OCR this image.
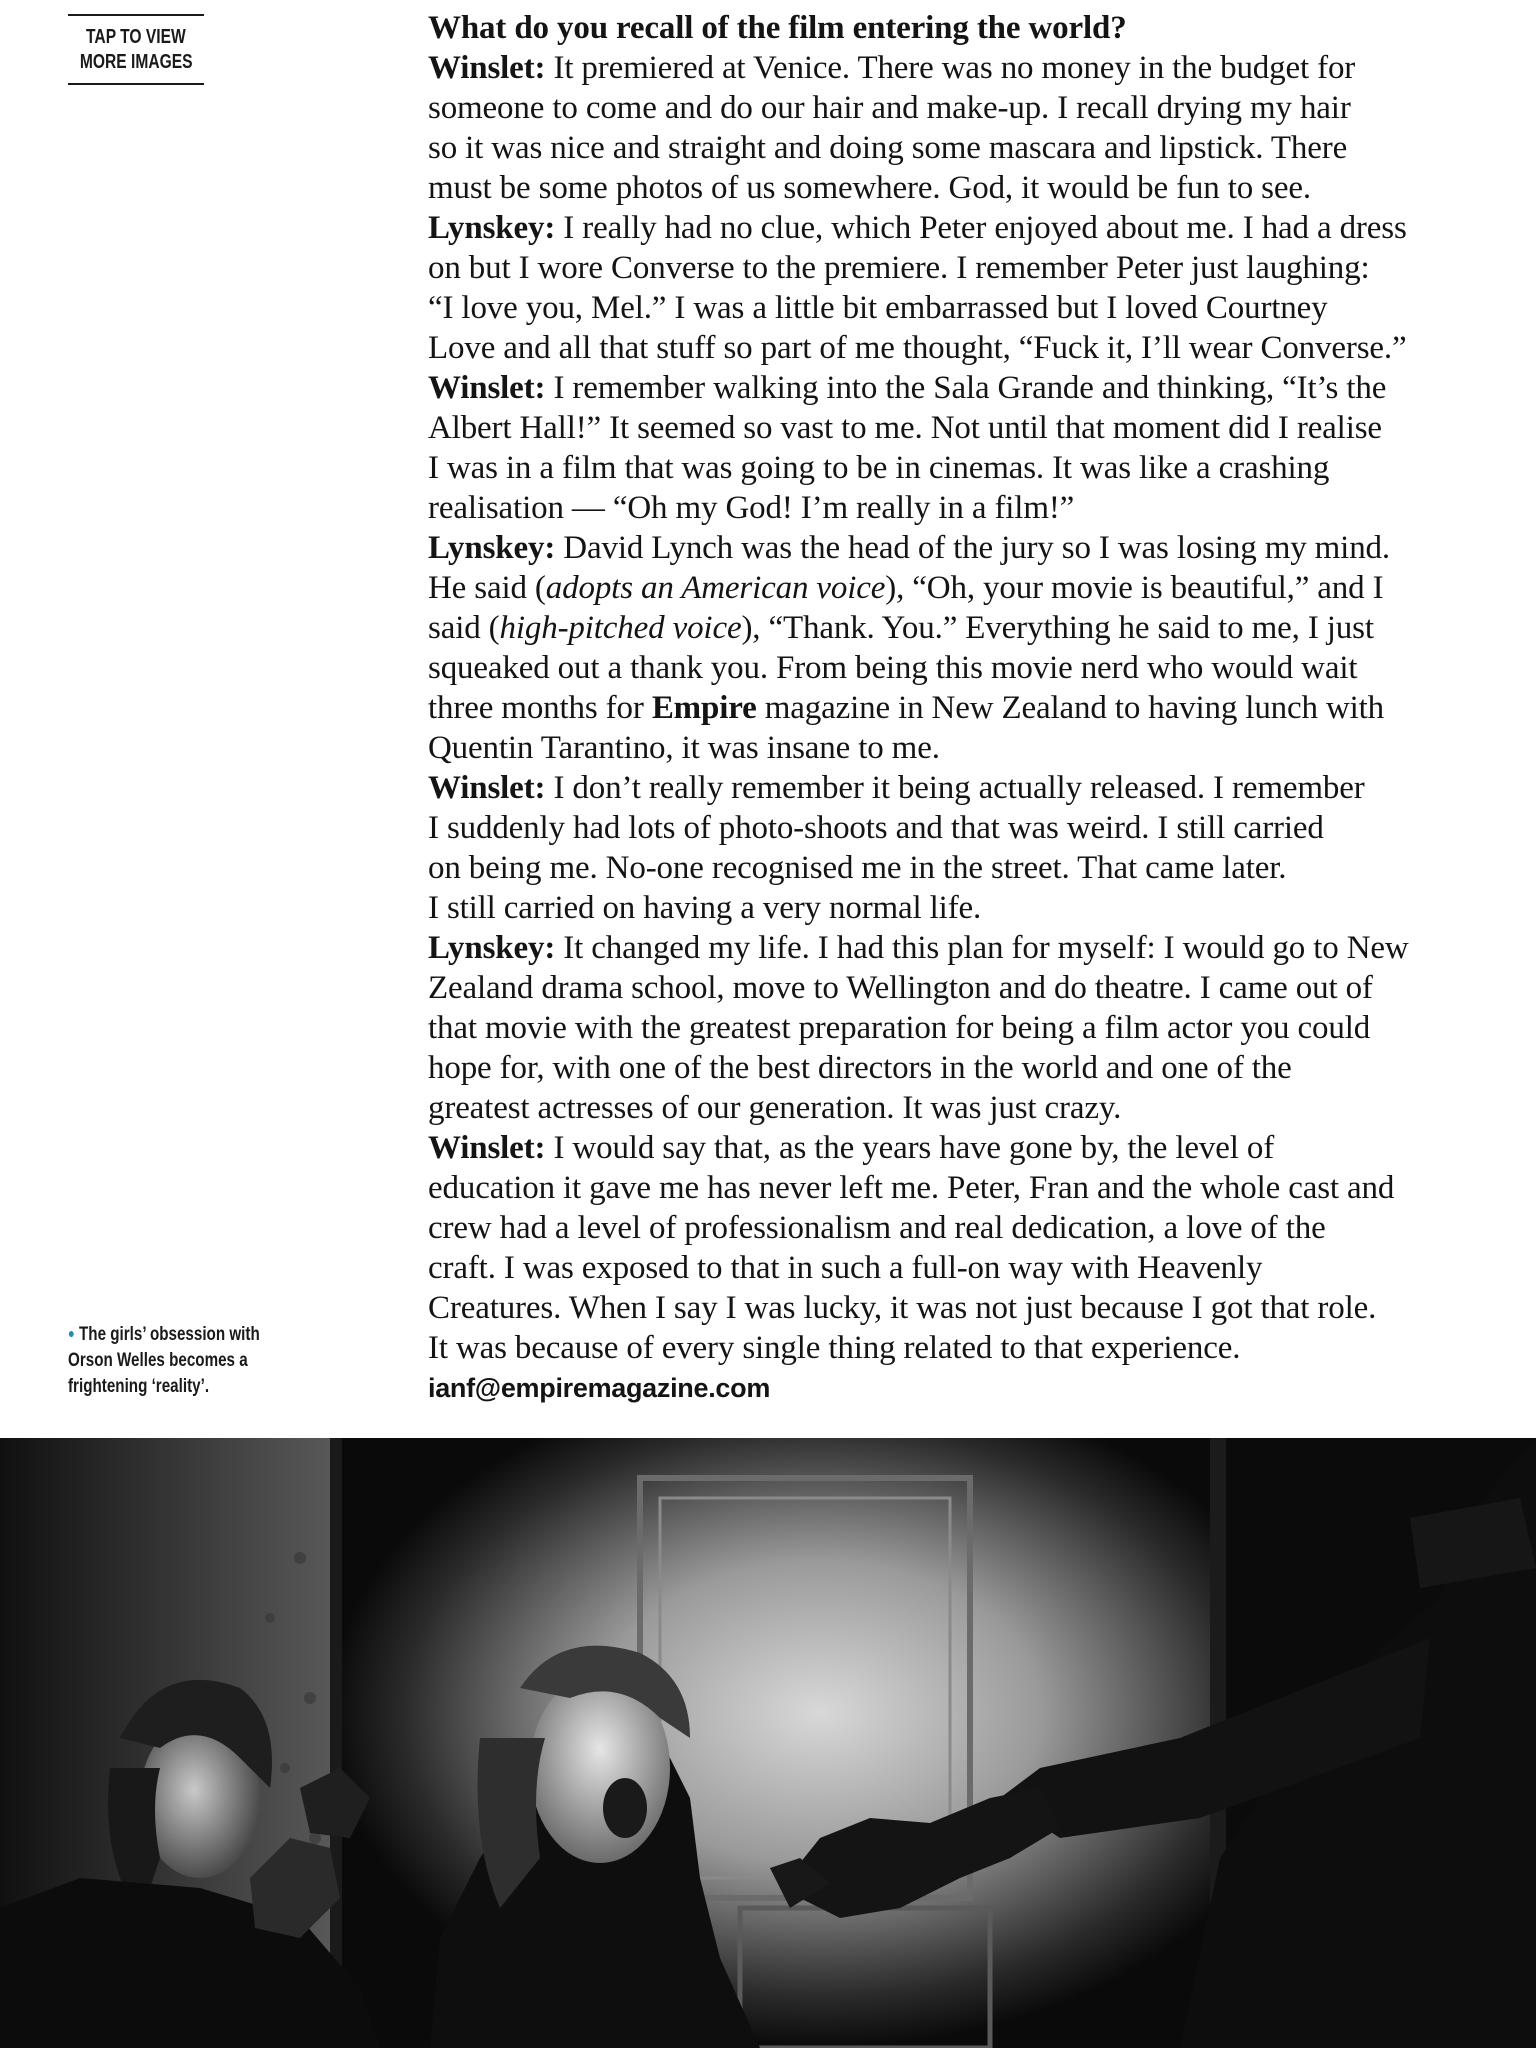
TAP TO VIEW
MORE IMAGES
● The girls’ obsession with
Orson Welles becomes a
frightening ‘reality’.
What do you recall of the film entering the world?
Winslet: It premiered at Venice. There was no money in the budget for
someone to come and do our hair and make-up. I recall drying my hair
so it was nice and straight and doing some mascara and lipstick. There
must be some photos of us somewhere. God, it would be fun to see.
Lynskey: I really had no clue, which Peter enjoyed about me. I had a dress
on but I wore Converse to the premiere. I remember Peter just laughing:
“I love you, Mel.” I was a little bit embarrassed but I loved Courtney
Love and all that stuff so part of me thought, “Fuck it, I’ll wear Converse.”
Winslet: I remember walking into the Sala Grande and thinking, “It’s the
Albert Hall!” It seemed so vast to me. Not until that moment did I realise
I was in a film that was going to be in cinemas. It was like a crashing
realisation — “Oh my God! I’m really in a film!”
Lynskey: David Lynch was the head of the jury so I was losing my mind.
He said (adopts an American voice), “Oh, your movie is beautiful,” and I
said (high-pitched voice), “Thank. You.” Everything he said to me, I just
squeaked out a thank you. From being this movie nerd who would wait
three months for Empire magazine in New Zealand to having lunch with
Quentin Tarantino, it was insane to me.
Winslet: I don’t really remember it being actually released. I remember
I suddenly had lots of photo-shoots and that was weird. I still carried
on being me. No-one recognised me in the street. That came later.
I still carried on having a very normal life.
Lynskey: It changed my life. I had this plan for myself: I would go to New
Zealand drama school, move to Wellington and do theatre. I came out of
that movie with the greatest preparation for being a film actor you could
hope for, with one of the best directors in the world and one of the
greatest actresses of our generation. It was just crazy.
Winslet: I would say that, as the years have gone by, the level of
education it gave me has never left me. Peter, Fran and the whole cast and
crew had a level of professionalism and real dedication, a love of the
craft. I was exposed to that in such a full-on way with Heavenly
Creatures. When I say I was lucky, it was not just because I got that role.
It was because of every single thing related to that experience.
ianf@empiremagazine.com
